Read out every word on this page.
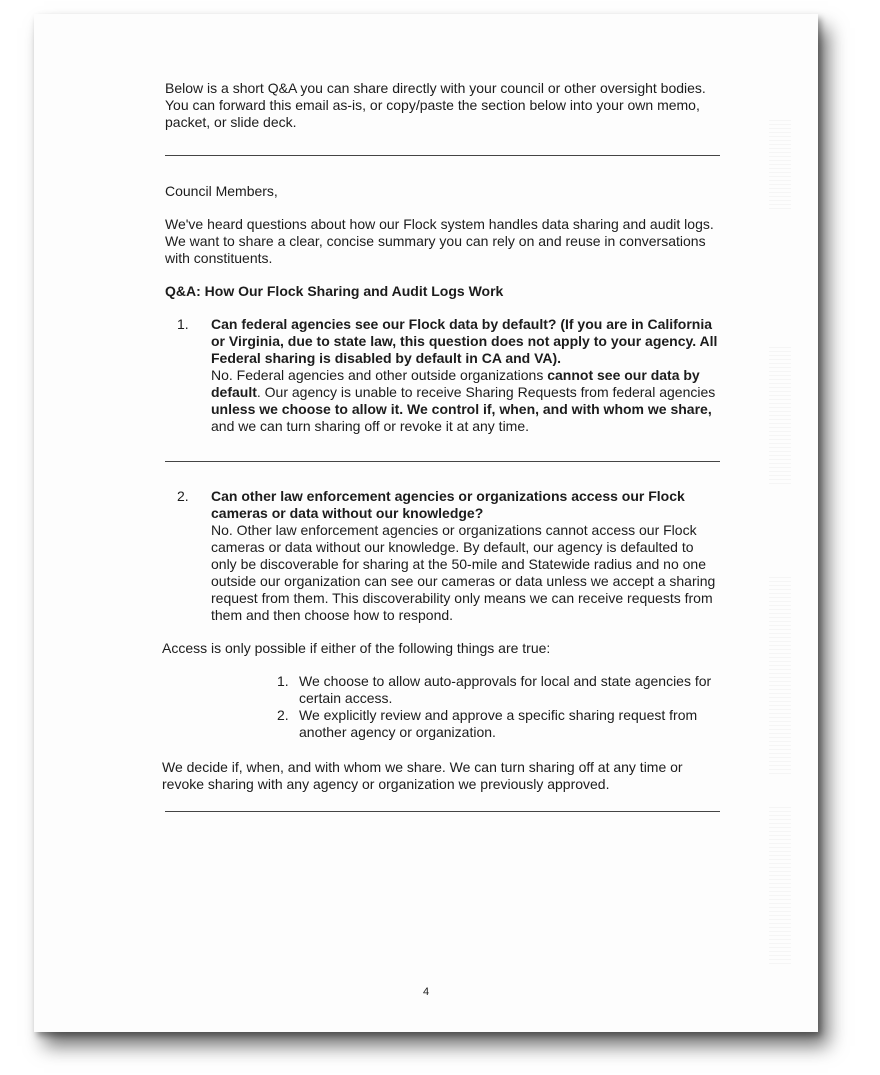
Below is a short Q&A you can share directly with your council or other oversight bodies. You can forward this email as-is, or copy/paste the section below into your own memo, packet, or slide deck.

Council Members,

We've heard questions about how our Flock system handles data sharing and audit logs. We want to share a clear, concise summary you can rely on and reuse in conversations with constituents.

Q&A: How Our Flock Sharing and Audit Logs Work

1.	Can federal agencies see our Flock data by default? (If you are in California or Virginia, due to state law, this question does not apply to your agency. All Federal sharing is disabled by default in CA and VA).
No. Federal agencies and other outside organizations cannot see our data by default. Our agency is unable to receive Sharing Requests from federal agencies unless we choose to allow it. We control if, when, and with whom we share, and we can turn sharing off or revoke it at any time.
2.	Can other law enforcement agencies or organizations access our Flock cameras or data without our knowledge?
No. Other law enforcement agencies or organizations cannot access our Flock cameras or data without our knowledge. By default, our agency is defaulted to only be discoverable for sharing at the 50-mile and Statewide radius and no one outside our organization can see our cameras or data unless we accept a sharing request from them. This discoverability only means we can receive requests from them and then choose how to respond.

Access is only possible if either of the following things are true:

1. We choose to allow auto-approvals for local and state agencies for certain access.
2. We explicitly review and approve a specific sharing request from another agency or organization.

We decide if, when, and with whom we share. We can turn sharing off at any time or revoke sharing with any agency or organization we previously approved.

4
